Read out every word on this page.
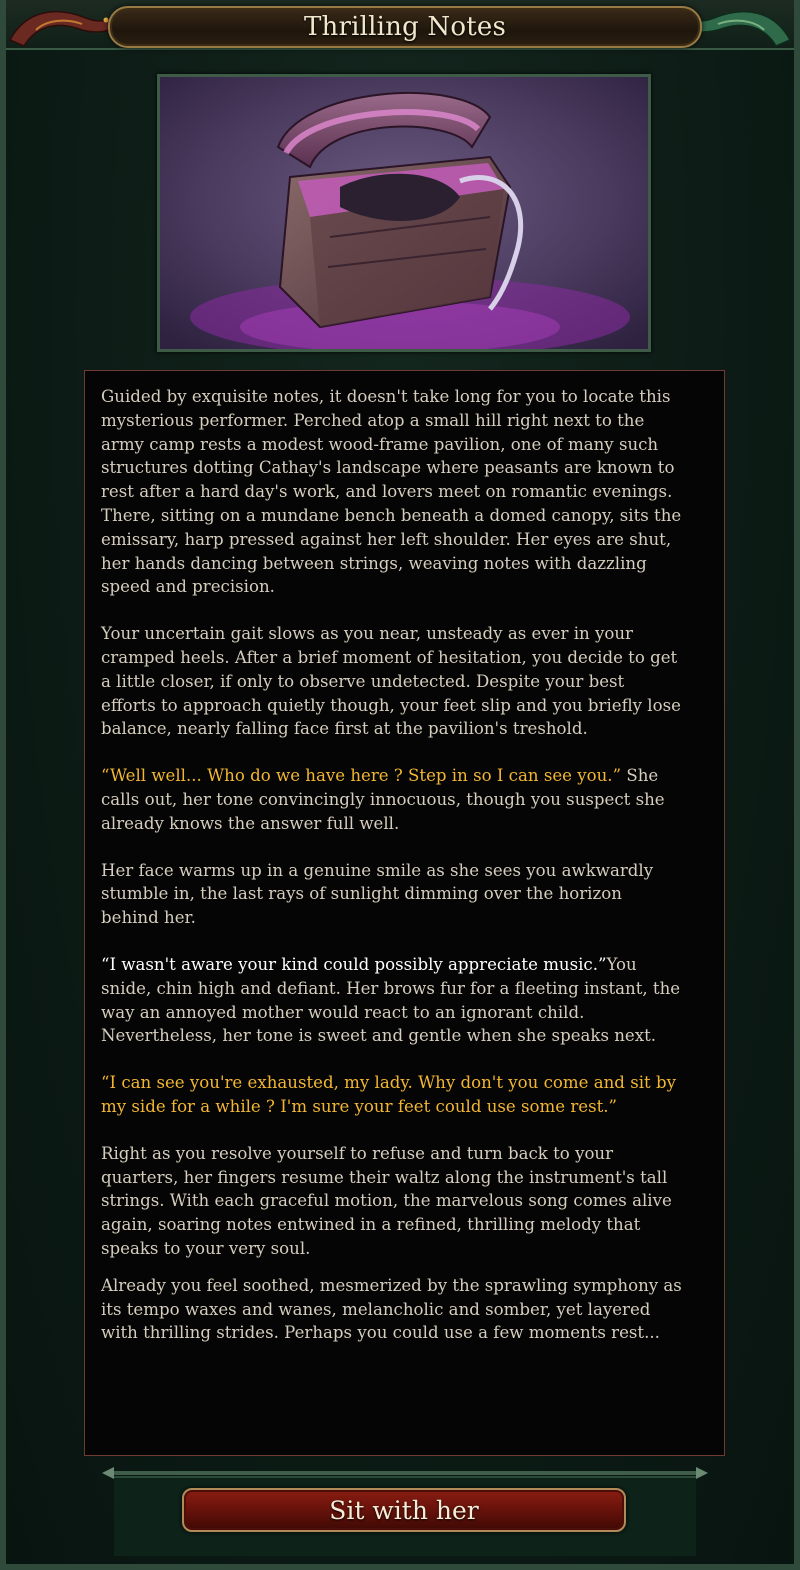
Thrilling Notes

Guided by exquisite notes, it doesn't take long for you to locate this mysterious performer. Perched atop a small hill right next to the army camp rests a modest wood-frame pavilion, one of many such structures dotting Cathay's landscape where peasants are known to rest after a hard day's work, and lovers meet on romantic evenings. There, sitting on a mundane bench beneath a domed canopy, sits the emissary, harp pressed against her left shoulder. Her eyes are shut, her hands dancing between strings, weaving notes with dazzling speed and precision.

Your uncertain gait slows as you near, unsteady as ever in your cramped heels. After a brief moment of hesitation, you decide to get a little closer, if only to observe undetected. Despite your best efforts to approach quietly though, your feet slip and you briefly lose balance, nearly falling face first at the pavilion's treshold.

“Well well... Who do we have here ? Step in so I can see you.” She calls out, her tone convincingly innocuous, though you suspect she already knows the answer full well.

Her face warms up in a genuine smile as she sees you awkwardly stumble in, the last rays of sunlight dimming over the horizon behind her.

“I wasn't aware your kind could possibly appreciate music.”You snide, chin high and defiant. Her brows fur for a fleeting instant, the way an annoyed mother would react to an ignorant child. Nevertheless, her tone is sweet and gentle when she speaks next.

“I can see you're exhausted, my lady. Why don't you come and sit by my side for a while ? I'm sure your feet could use some rest.”

Right as you resolve yourself to refuse and turn back to your quarters, her fingers resume their waltz along the instrument's tall strings. With each graceful motion, the marvelous song comes alive again, soaring notes entwined in a refined, thrilling melody that speaks to your very soul.

Already you feel soothed, mesmerized by the sprawling symphony as its tempo waxes and wanes, melancholic and somber, yet layered with thrilling strides. Perhaps you could use a few moments rest...

Sit with her
